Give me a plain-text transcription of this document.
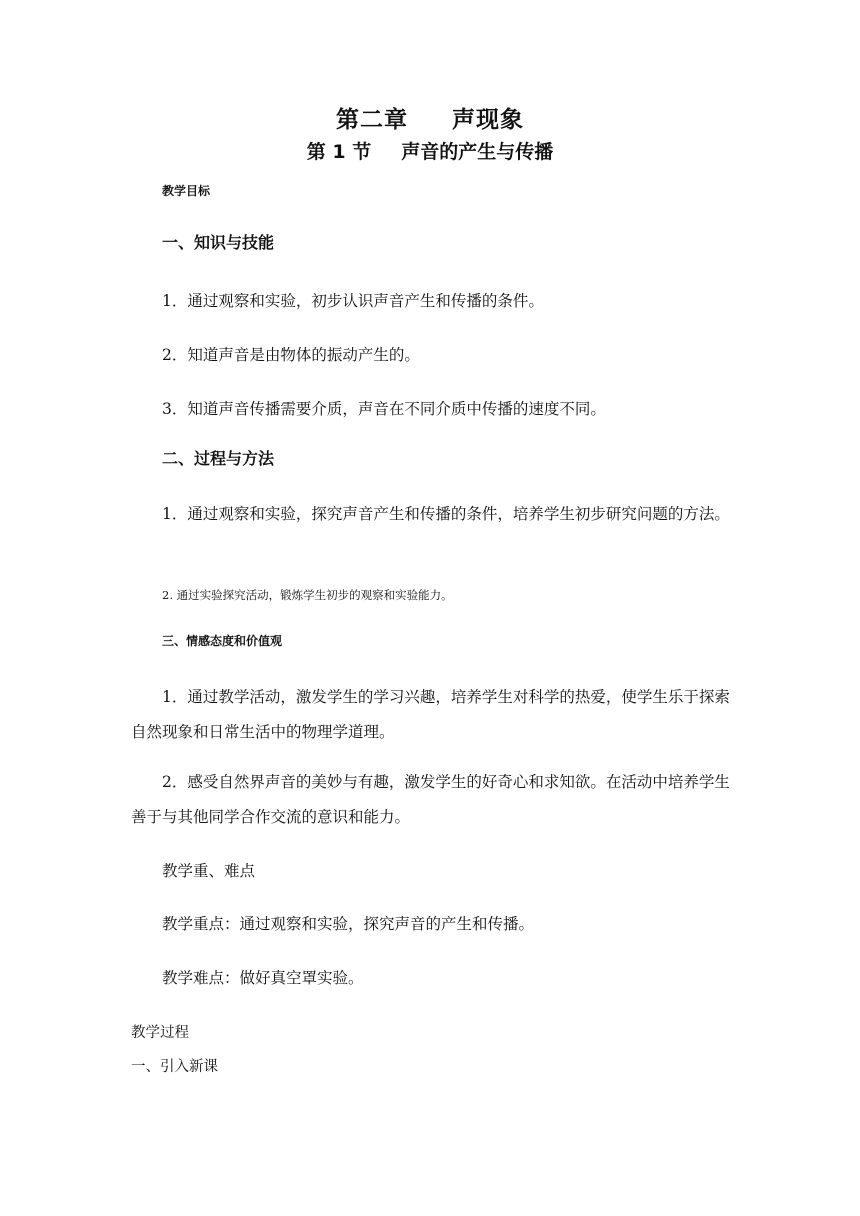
第二章 声现象
第 1 节 声音的产生与传播
教学目标
一、知识与技能
1．通过观察和实验，初步认识声音产生和传播的条件。
2．知道声音是由物体的振动产生的。
3．知道声音传播需要介质，声音在不同介质中传播的速度不同。
二、过程与方法
1．通过观察和实验，探究声音产生和传播的条件，培养学生初步研究问题的方法。
2. 通过实验探究活动，锻炼学生初步的观察和实验能力。
三、情感态度和价值观
1．通过教学活动，激发学生的学习兴趣，培养学生对科学的热爱，使学生乐于探索自然现象和日常生活中的物理学道理。
2．感受自然界声音的美妙与有趣，激发学生的好奇心和求知欲。在活动中培养学生善于与其他同学合作交流的意识和能力。
教学重、难点
教学重点：通过观察和实验，探究声音的产生和传播。
教学难点：做好真空罩实验。
教学过程
一、引入新课
